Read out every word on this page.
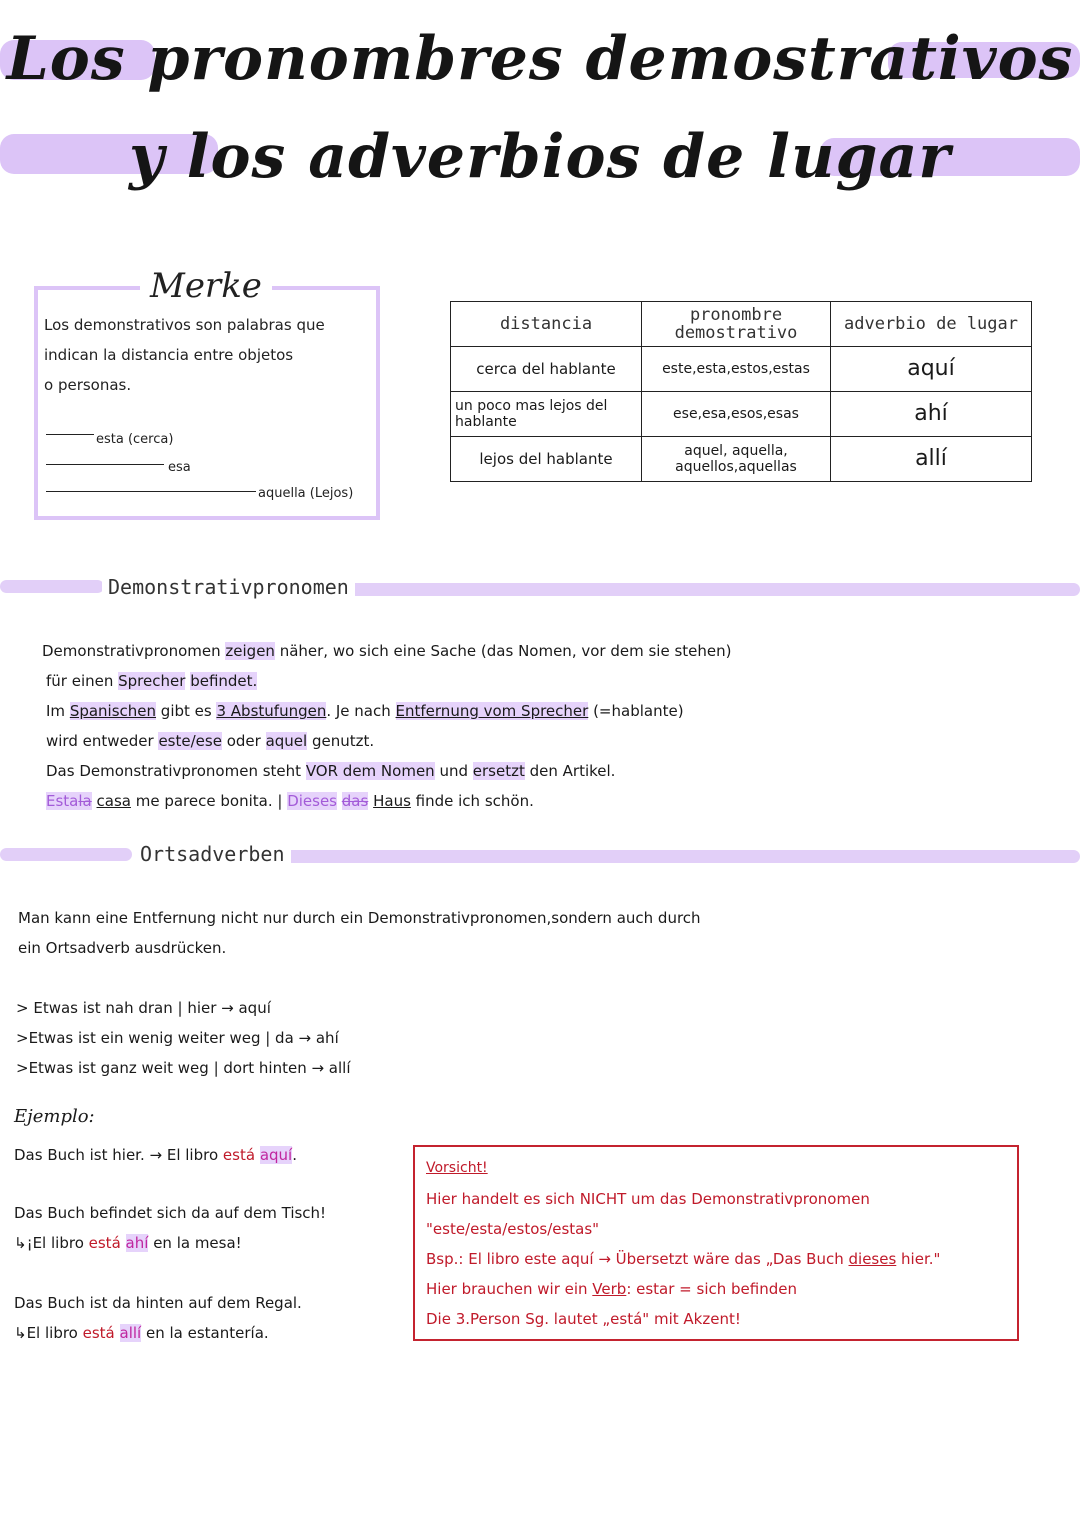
Los pronombres demostrativos
y los adverbios de lugar
Merke
Los demonstrativos son palabras que
indican la distancia entre objetos
o personas.
esta (cerca)
esa
aquella (Lejos)
distancia	pronombre demostrativo	adverbio de lugar
cerca del hablante	este,esta,estos,estas	aquí
un poco mas lejos del hablante	ese,esa,esos,esas	ahí
lejos del hablante	aquel, aquella, aquellos,aquellas	allí
Demonstrativpronomen
Demonstrativpronomen zeigen näher, wo sich eine Sache (das Nomen, vor dem sie stehen)
für einen Sprecher befindet.
Im Spanischen gibt es 3 Abstufungen. Je nach Entfernung vom Sprecher (=hablante)
wird entweder este/ese oder aquel genutzt.
Das Demonstrativpronomen steht VOR dem Nomen und ersetzt den Artikel.
Estala casa me parece bonita. | Dieses das Haus finde ich schön.
Ortsadverben
Man kann eine Entfernung nicht nur durch ein Demonstrativpronomen,sondern auch durch
ein Ortsadverb ausdrücken.
> Etwas ist nah dran | hier → aquí
>Etwas ist ein wenig weiter weg | da → ahí
>Etwas ist ganz weit weg | dort hinten → allí
Ejemplo:
Das Buch ist hier. → El libro está aquí.
Das Buch befindet sich da auf dem Tisch!
↳¡El libro está ahí en la mesa!
Das Buch ist da hinten auf dem Regal.
↳El libro está allí en la estantería.
Vorsicht!
Hier handelt es sich NICHT um das Demonstrativpronomen
"este/esta/estos/estas"
Bsp.: El libro este aquí → Übersetzt wäre das „Das Buch dieses hier."
Hier brauchen wir ein Verb: estar = sich befinden
Die 3.Person Sg. lautet „está" mit Akzent!
